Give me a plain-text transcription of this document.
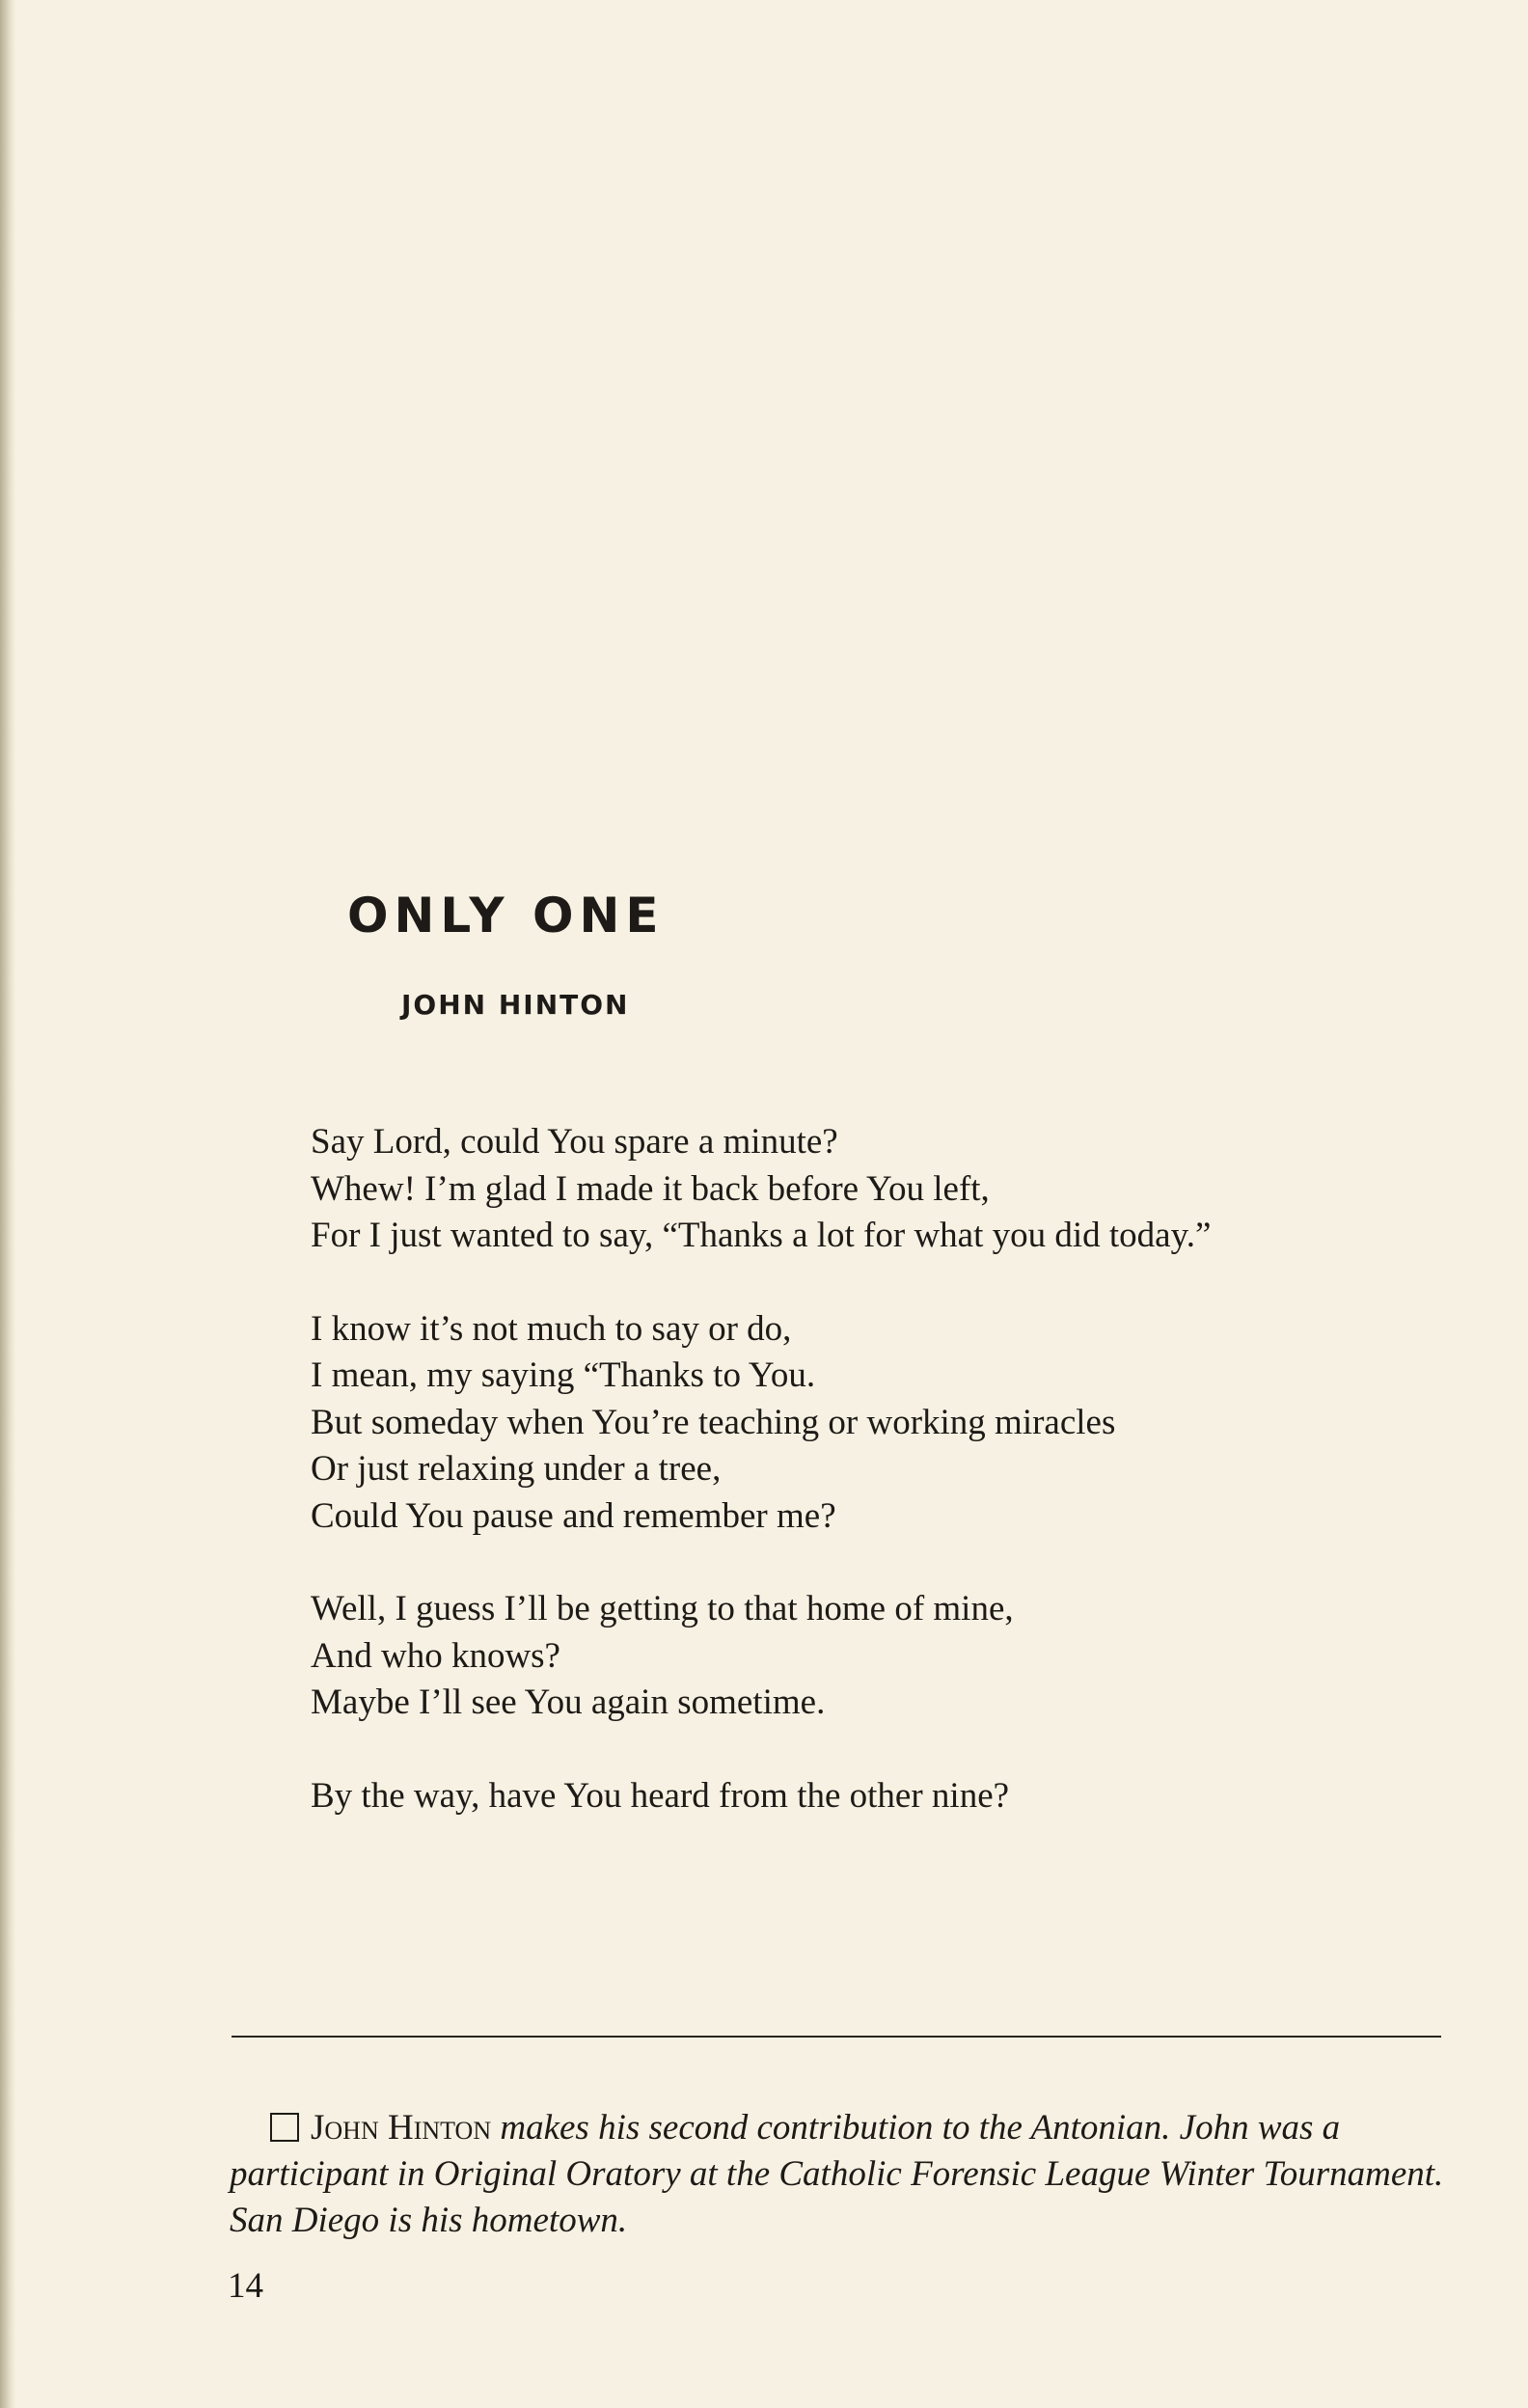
ONLY ONE
JOHN HINTON
Say Lord, could You spare a minute?
Whew! I’m glad I made it back before You left,
For I just wanted to say, “Thanks a lot for what you did today.”
I know it’s not much to say or do,
I mean, my saying “Thanks to You.
But someday when You’re teaching or working miracles
Or just relaxing under a tree,
Could You pause and remember me?
Well, I guess I’ll be getting to that home of mine,
And who knows?
Maybe I’ll see You again sometime.
By the way, have You heard from the other nine?
John Hinton makes his second contribution to the Antonian. John was a participant in Original Oratory at the Catholic Forensic League Winter Tournament. San Diego is his hometown.
14
